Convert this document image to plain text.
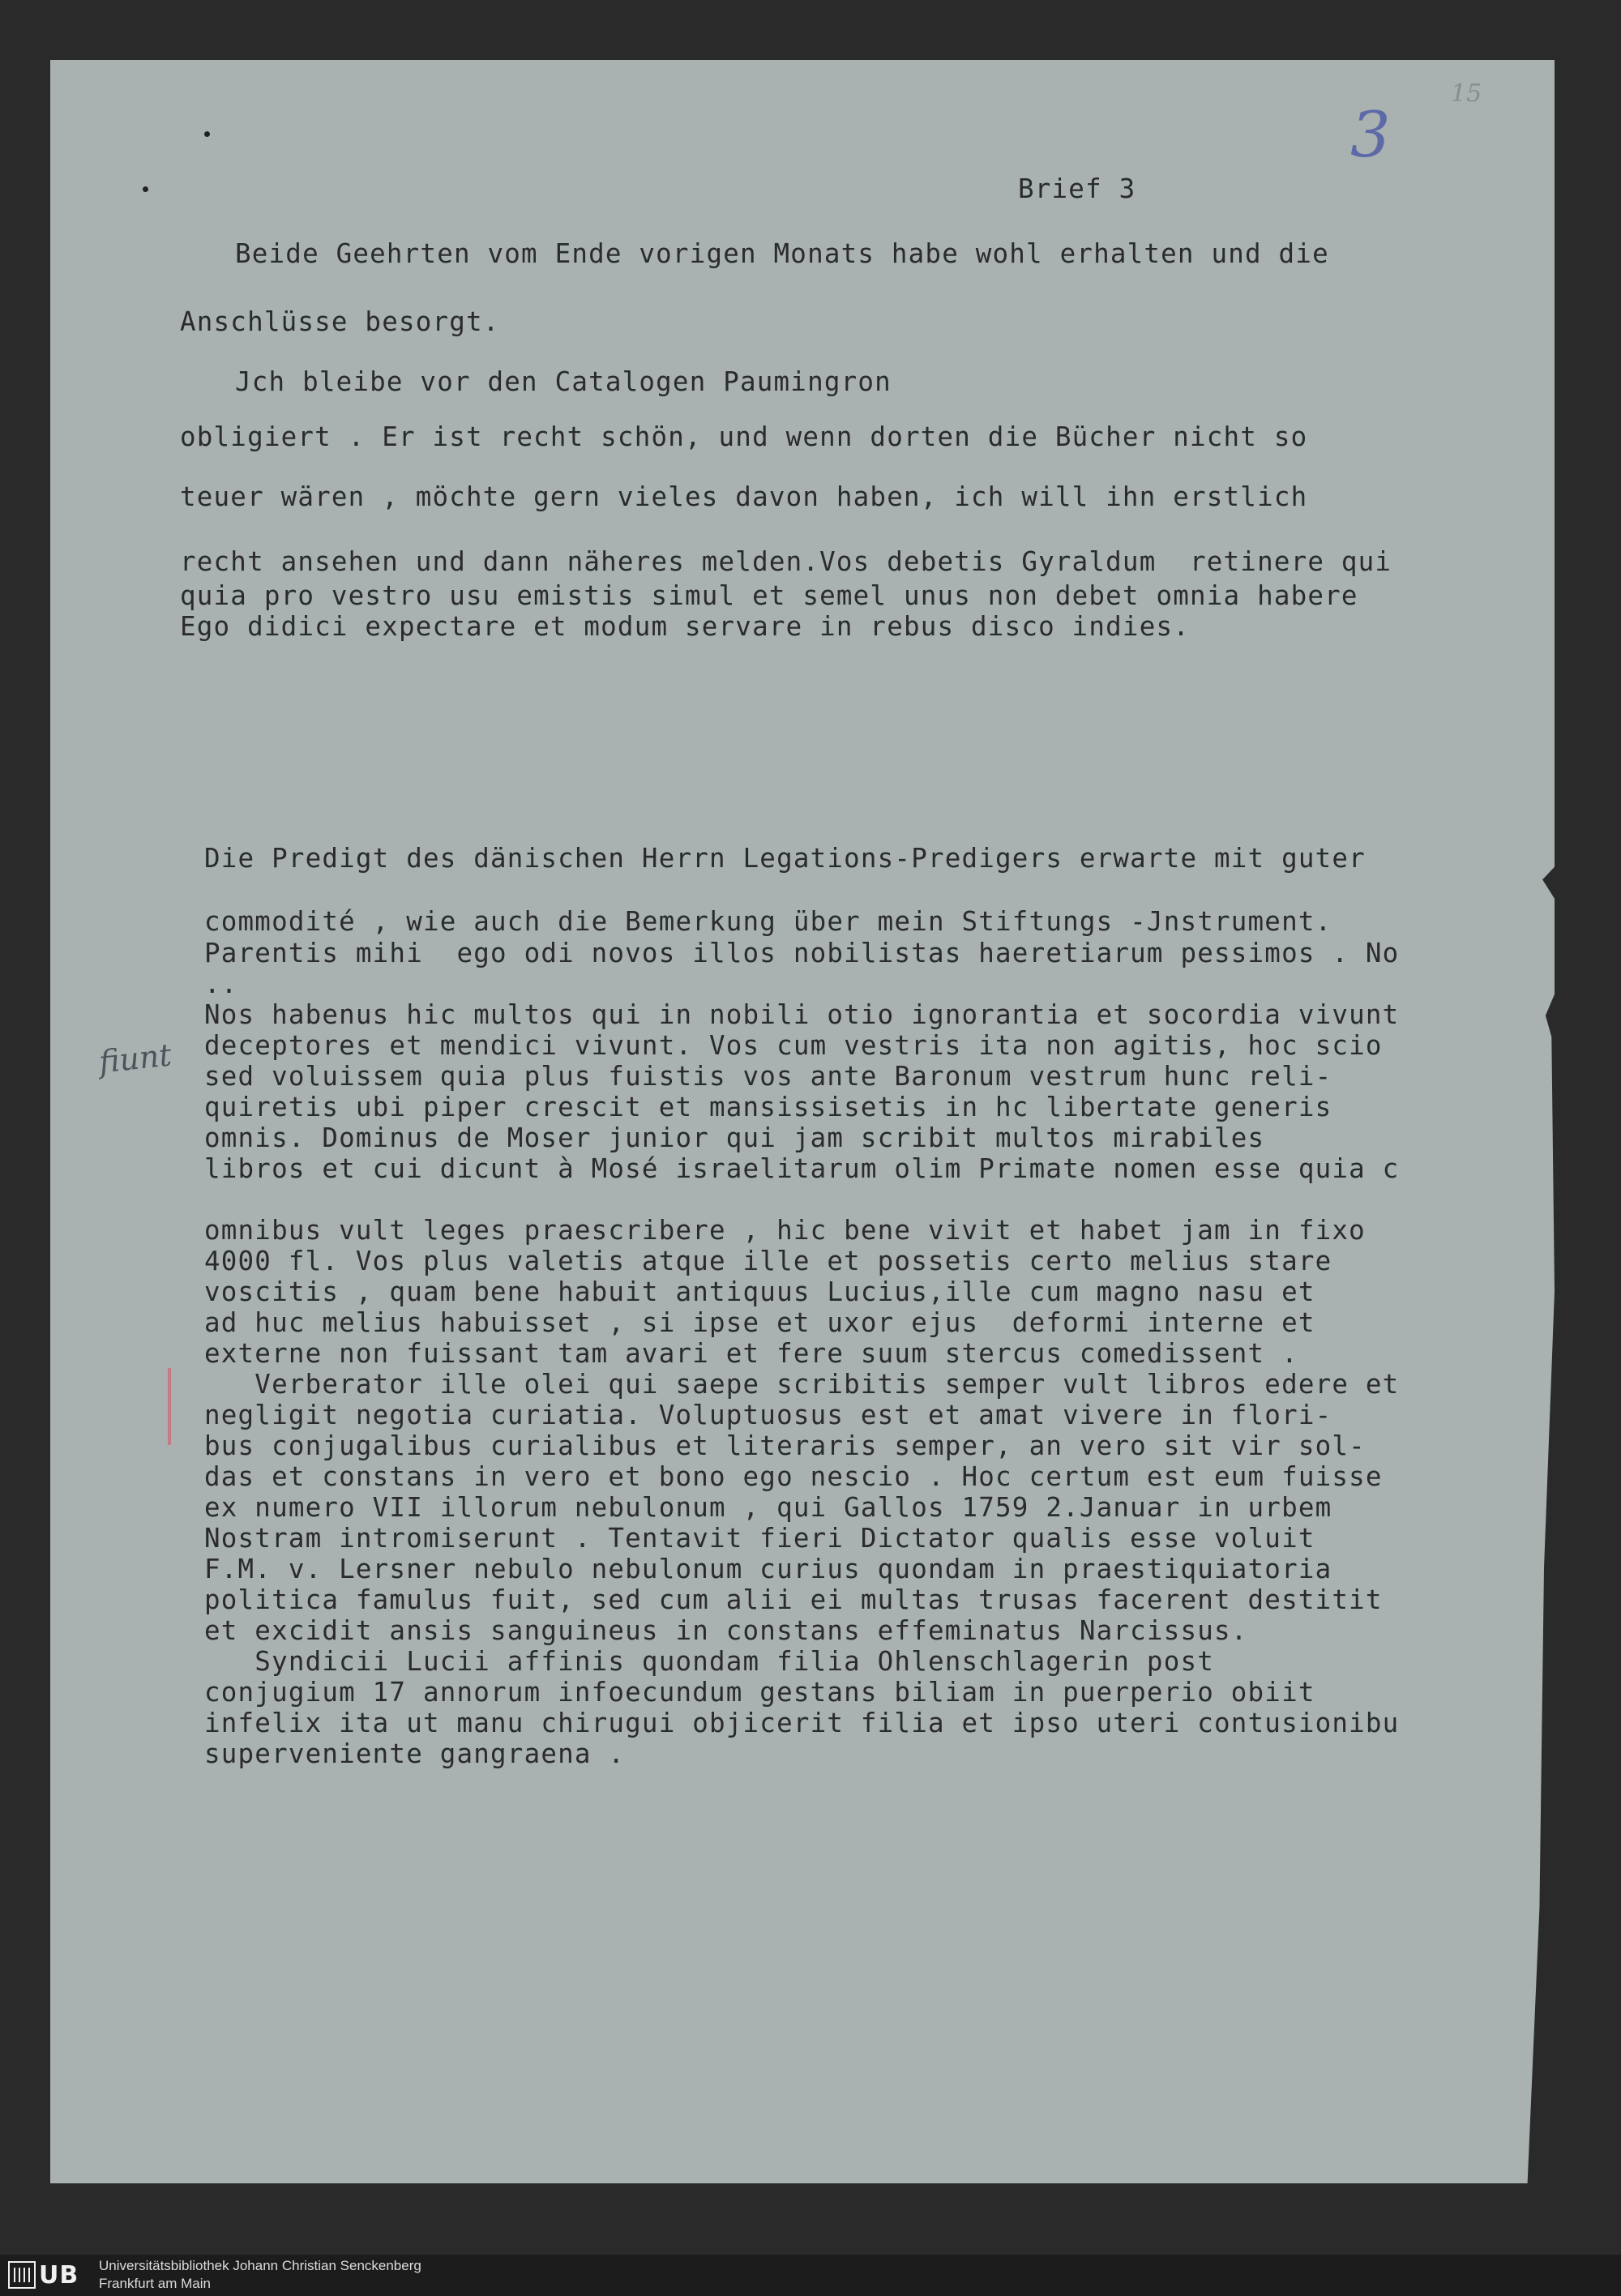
3
15
Brief 3
Beide Geehrten vom Ende vorigen Monats habe wohl erhalten und die
Anschlüsse besorgt.
Jch bleibe vor den Catalogen Paumingron
obligiert . Er ist recht schön, und wenn dorten die Bücher nicht so
teuer wären , möchte gern vieles davon haben, ich will ihn erstlich
recht ansehen und dann näheres melden.Vos debetis Gyraldum  retinere qui
quia pro vestro usu emistis simul et semel unus non debet omnia habere
Ego didici expectare et modum servare in rebus disco indies.
Die Predigt des dänischen Herrn Legations-Predigers erwarte mit guter
commodité , wie auch die Bemerkung über mein Stiftungs -Jnstrument.
fiunt
Parentis mihi  ego odi novos illos nobilistas haeretiarum pessimos . No
..
Nos habenus hic multos qui in nobili otio ignorantia et socordia vivunt
deceptores et mendici vivunt. Vos cum vestris ita non agitis, hoc scio
sed voluissem quia plus fuistis vos ante Baronum vestrum hunc reli-
quiretis ubi piper crescit et mansissisetis in hc libertate generis
omnis. Dominus de Moser junior qui jam scribit multos mirabiles
libros et cui dicunt à Mosé israelitarum olim Primate nomen esse quia c
omnibus vult leges praescribere , hic bene vivit et habet jam in fixo
4000 fl. Vos plus valetis atque ille et possetis certo melius stare
voscitis , quam bene habuit antiquus Lucius,ille cum magno nasu et
ad huc melius habuisset , si ipse et uxor ejus  deformi interne et
externe non fuissant tam avari et fere suum stercus comedissent .
Verberator ille olei qui saepe scribitis semper vult libros edere et
negligit negotia curiatia. Voluptuosus est et amat vivere in flori-
bus conjugalibus curialibus et literaris semper, an vero sit vir sol-
das et constans in vero et bono ego nescio . Hoc certum est eum fuisse
ex numero VII illorum nebulonum , qui Gallos 1759 2.Januar in urbem
Nostram intromiserunt . Tentavit fieri Dictator qualis esse voluit
F.M. v. Lersner nebulo nebulonum curius quondam in praestiquiatoria
politica famulus fuit, sed cum alii ei multas trusas facerent destitit
et excidit ansis sanguineus in constans effeminatus Narcissus.
Syndicii Lucii affinis quondam filia Ohlenschlagerin post
conjugium 17 annorum infoecundum gestans biliam in puerperio obiit
infelix ita ut manu chirugui objicerit filia et ipso uteri contusionibu
superveniente gangraena .
UB Universitätsbibliothek Johann Christian Senckenberg
Frankfurt am Main
